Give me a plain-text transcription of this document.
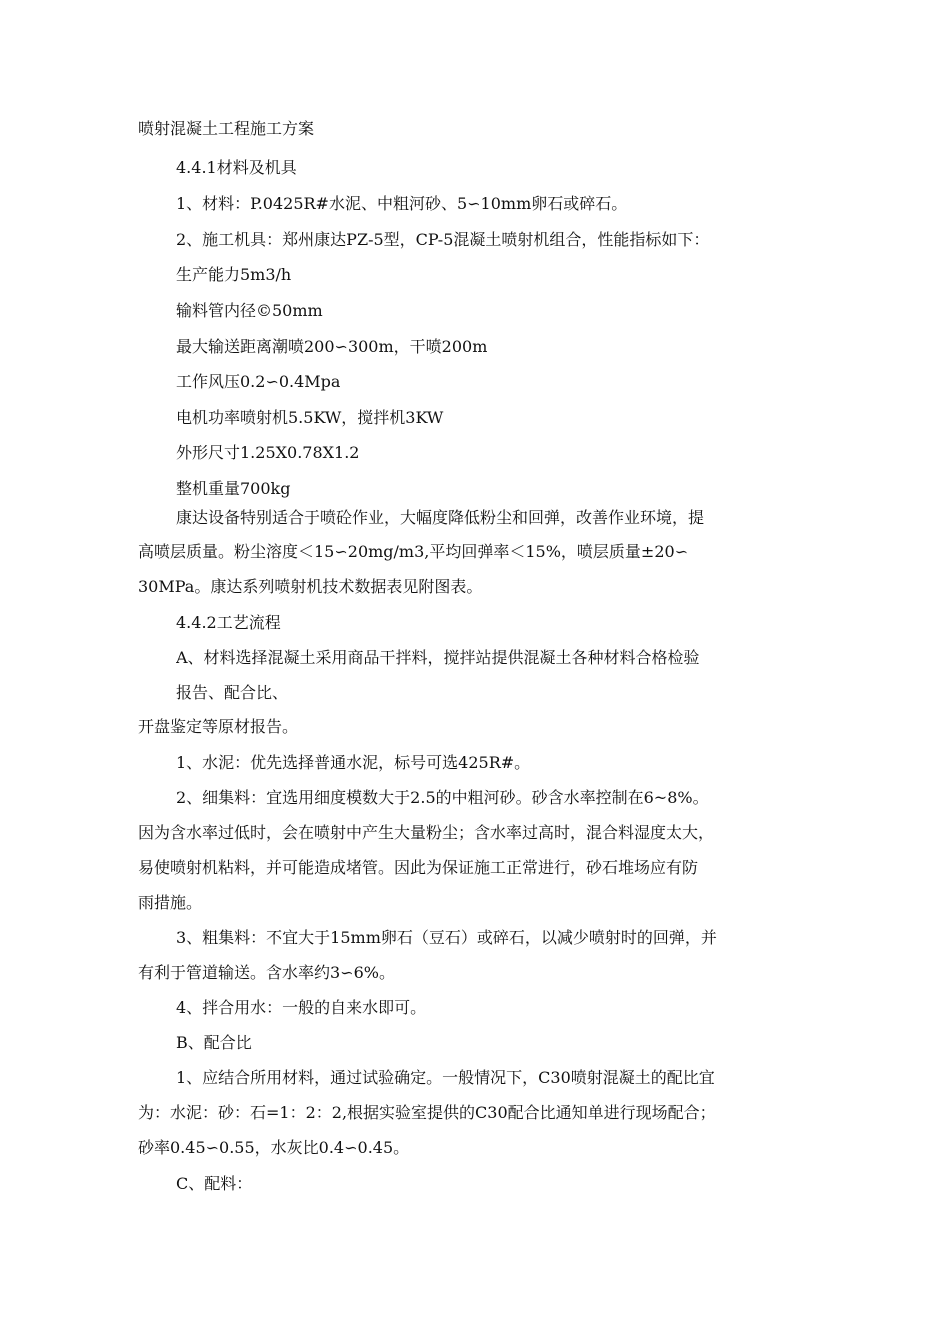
喷射混凝土工程施工方案
4.4.1材料及机具
1、材料：P.0425R#水泥、中粗河砂、5∽10mm卵石或碎石。
2、施工机具：郑州康达PZ-5型，CP-5混凝土喷射机组合，性能指标如下：
生产能力5m3/h
输料管内径©50mm
最大输送距离潮喷200∽300m，干喷200m
工作风压0.2∽0.4Mpa
电机功率喷射机5.5KW，搅拌机3KW
外形尺寸1.25X0.78X1.2
整机重量700kg
康达设备特别适合于喷砼作业，大幅度降低粉尘和回弹，改善作业环境，提
高喷层质量。粉尘溶度＜15∽20mg/m3,平均回弹率＜15%，喷层质量±20∽
30MPa。康达系列喷射机技术数据表见附图表。
4.4.2工艺流程
A、材料选择混凝土采用商品干拌料，搅拌站提供混凝土各种材料合格检验
报告、配合比、
开盘鉴定等原材报告。
1、水泥：优先选择普通水泥，标号可选425R#。
2、细集料：宜选用细度模数大于2.5的中粗河砂。砂含水率控制在6~8%。
因为含水率过低时，会在喷射中产生大量粉尘；含水率过高时，混合料湿度太大，
易使喷射机粘料，并可能造成堵管。因此为保证施工正常进行，砂石堆场应有防
雨措施。
3、粗集料：不宜大于15mm卵石（豆石）或碎石，以减少喷射时的回弹，并
有利于管道输送。含水率约3∽6%。
4、拌合用水：一般的自来水即可。
B、配合比
1、应结合所用材料，通过试验确定。一般情况下，C30喷射混凝土的配比宜
为：水泥：砂：石=1：2：2,根据实验室提供的C30配合比通知单进行现场配合；
砂率0.45∽0.55，水灰比0.4∽0.45。
C、配料：
